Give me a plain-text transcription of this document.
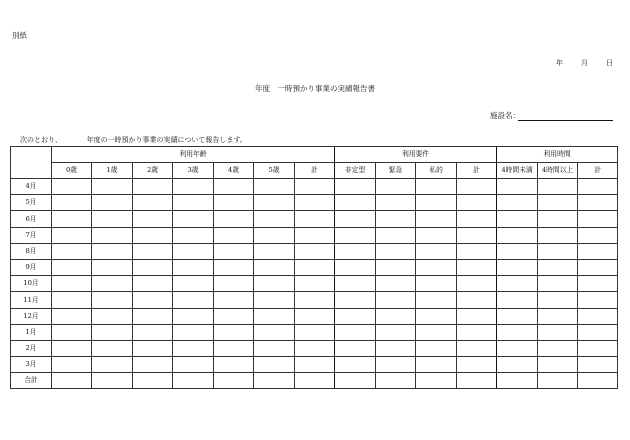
別紙
年	月	日
年度　一時預かり事業の実績報告書
施設名：
次のとおり、　　　　年度の一時預かり事業の実績について報告します。
	利用年齢							利用要件				利用時間		
	0歳	1歳	2歳	3歳	4歳	5歳	計	非定型	緊急	私的	計	4時間未満	4時間以上	計
4月														
5月														
6月														
7月														
8月														
9月														
10月														
11月														
12月														
1月														
2月														
3月														
合計														
